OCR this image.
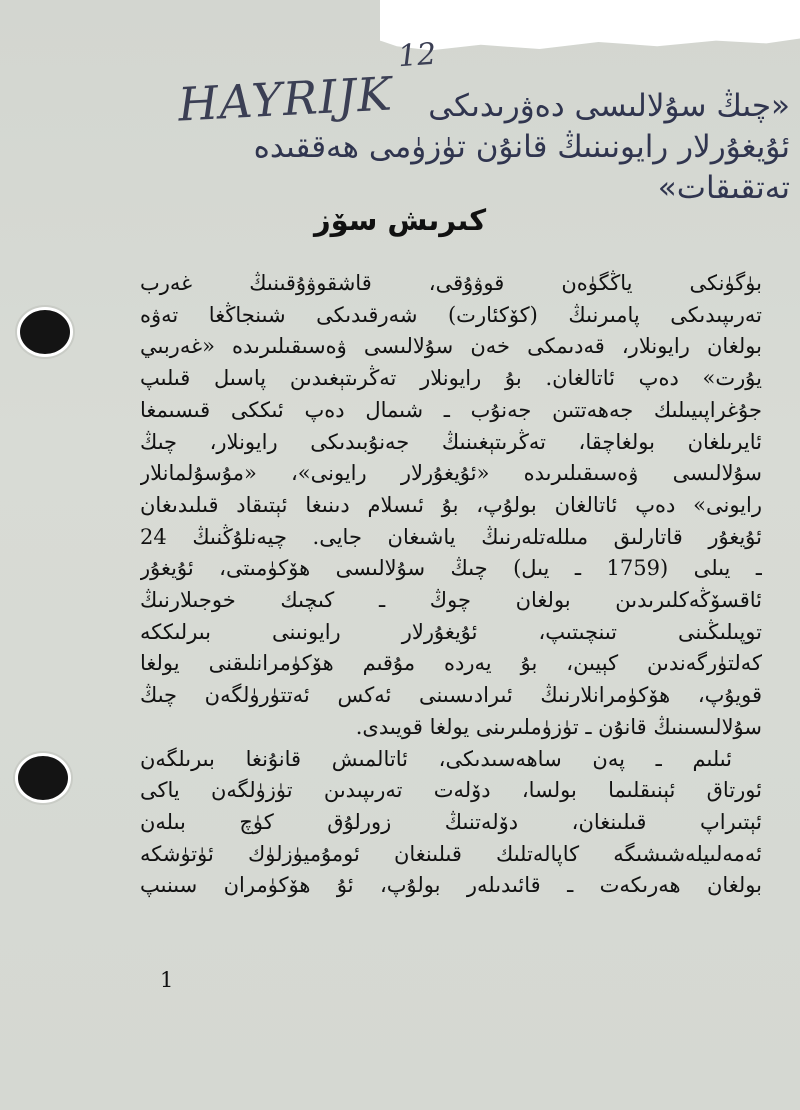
12
HAYRIJK	«چىڭ سۇلالىسى دەۋرىدىكى
ئۇيغۇرلار رايونىنىڭ قانۇن تۈزۈمى ھەققىدە
تەتقىقات»
كىرىش سۆز
بۈگۈنكى ياڭگۈەن قوۋۇقى، قاشقوۋۇقىنىڭ غەرب
تەرىپىدىكى پامىرنىڭ (كۆكئارت) شەرقىدىكى شىنجاڭغا تەۋە
بولغان رايونلار، قەدىمكى خەن سۇلالىسى ۋەسىقىلىرىدە «غەربىي
يۇرت» دەپ ئاتالغان. بۇ رايونلار تەڭرىتېغىدىن پاسىل قىلىپ
جۇغراپىيىلىك جەھەتتىن جەنۇب ـ شىمال دەپ ئىككى قىسىمغا
ئايرىلغان بولغاچقا، تەڭرىتېغىنىڭ جەنۇبىدىكى رايونلار، چىڭ
سۇلالىسى ۋەسىقىلىرىدە «ئۇيغۇرلار رايونى»، «مۇسۇلمانلار
رايونى» دەپ ئاتالغان بولۇپ، بۇ ئىسلام دىنىغا ئېتىقاد قىلىدىغان
ئۇيغۇر قاتارلىق مىللەتلەرنىڭ ياشىغان جايى. چيەنلۇڭنىڭ 24
ـ يىلى (1759 ـ يىل) چىڭ سۇلالىسى ھۆكۈمىتى، ئۇيغۇر
ئاقسۆڭەكلىرىدىن بولغان چوڭ ـ كىچىك خوجىلارنىڭ
توپىلىڭىنى تىنچىتىپ، ئۇيغۇرلار رايونىنى بىرلىككە
كەلتۈرگەندىن كېيىن، بۇ يەردە مۇقىم ھۆكۈمرانلىقنى يولغا
قويۇپ، ھۆكۈمرانلارنىڭ ئىرادىسىنى ئەكس ئەتتۈرۈلگەن چىڭ
سۇلالىسىنىڭ قانۇن ـ تۈزۈملىرىنى يولغا قويىدى.
ئىلىم ـ پەن ساھەسىدىكى، ئاتالمىش قانۇنغا بىرىلگەن
ئورتاق ئېنىقلىما بولسا، دۆلەت تەرىپىدىن تۈزۈلگەن ياكى
ئېتىراپ قىلىنغان، دۆلەتنىڭ زورلۇق كۈچ بىلەن
ئەمەلىيلەشىشىگە كاپالەتلىك قىلىنغان ئومۇميۈزلۈك ئۈتۈشكە
بولغان ھەرىكەت ـ قائىدىلەر بولۇپ، ئۇ ھۆكۈمران سىنىپ
1
